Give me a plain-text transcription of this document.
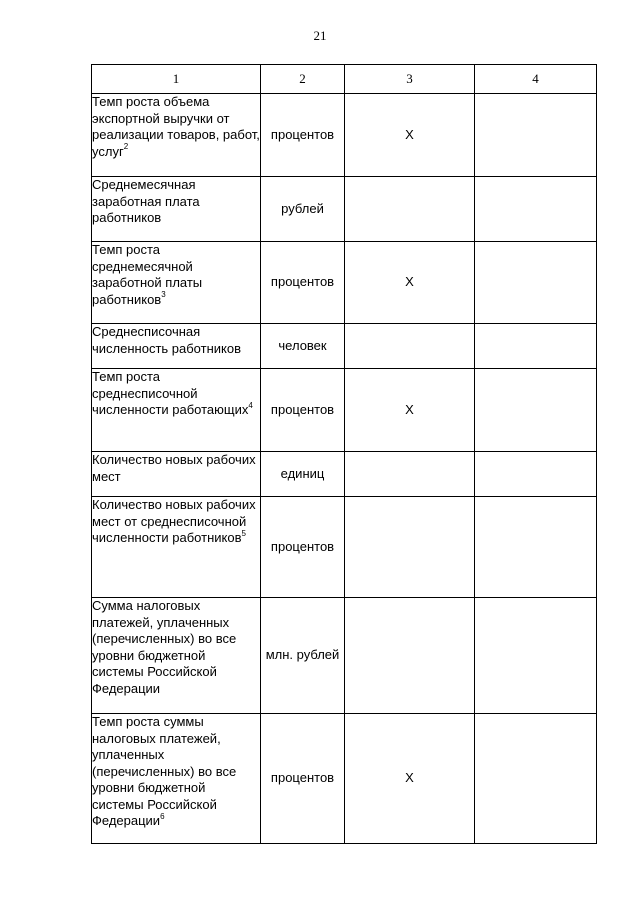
21
1	2	3	4
Темп роста объема экспортной выручки от реализации товаров, работ, услуг$^2$	процентов	X	
Среднемесячная заработная плата работников	рублей		
Темп роста среднемесячной заработной платы работников$^3$	процентов	X	
Среднесписочная численность работников	человек		
Темп роста среднесписочной численности работающих$^4$	процентов	X	
Количество новых рабочих мест	единиц		
Количество новых рабочих мест от среднесписочной численности работников$^5$	процентов		
Сумма налоговых платежей, уплаченных (перечисленных) во все уровни бюджетной системы Российской Федерации	млн. рублей		
Темп роста суммы налоговых платежей, уплаченных (перечисленных) во все уровни бюджетной системы Российской Федерации$^6$	процентов	X	
